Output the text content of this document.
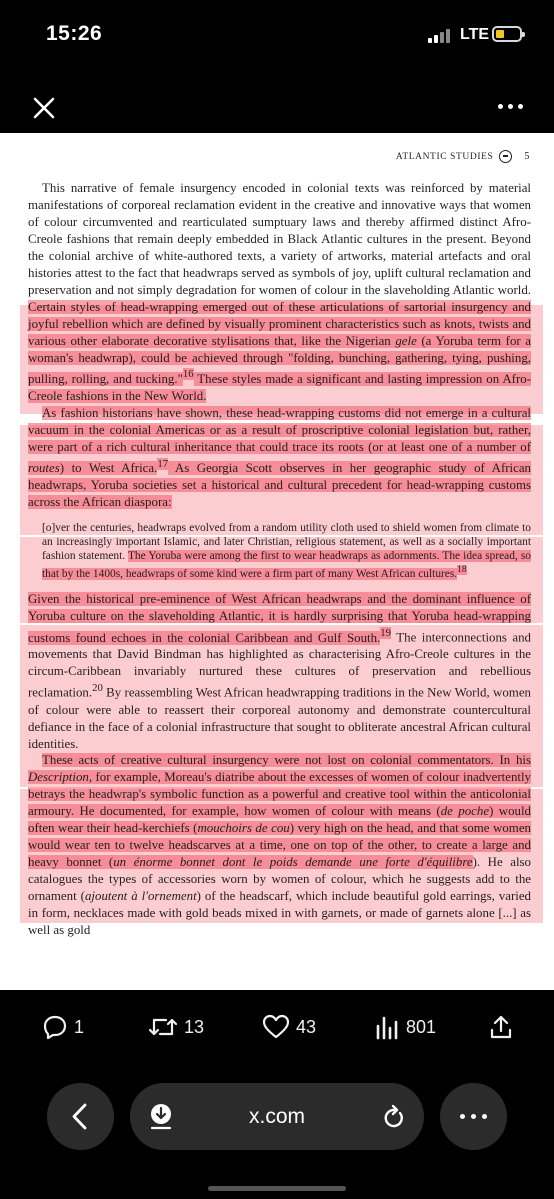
15:26	LTE
ATLANTIC STUDIES	5

This narrative of female insurgency encoded in colonial texts was reinforced by material manifestations of corporeal reclamation evident in the creative and innovative ways that women of colour circumvented and rearticulated sumptuary laws and thereby affirmed distinct Afro-Creole fashions that remain deeply embedded in Black Atlantic cultures in the present. Beyond the colonial archive of white-authored texts, a variety of artworks, material artefacts and oral histories attest to the fact that headwraps served as symbols of joy, uplift cultural reclamation and preservation and not simply degradation for women of colour in the slaveholding Atlantic world. Certain styles of head-wrapping emerged out of these articulations of sartorial insurgency and joyful rebellion which are defined by visually prominent characteristics such as knots, twists and various other elaborate decorative stylisations that, like the Nigerian gele (a Yoruba term for a woman's headwrap), could be achieved through "folding, bunching, gathering, tying, pushing, pulling, rolling, and tucking."$^{16}$ These styles made a significant and lasting impression on Afro-Creole fashions in the New World.

As fashion historians have shown, these head-wrapping customs did not emerge in a cultural vacuum in the colonial Americas or as a result of proscriptive colonial legislation but, rather, were part of a rich cultural inheritance that could trace its roots (or at least one of a number of routes) to West Africa.$^{17}$ As Georgia Scott observes in her geographic study of African headwraps, Yoruba societies set a historical and cultural precedent for head-wrapping customs across the African diaspora:

[o]ver the centuries, headwraps evolved from a random utility cloth used to shield women from climate to an increasingly important Islamic, and later Christian, religious statement, as well as a socially important fashion statement. The Yoruba were among the first to wear headwraps as adornments. The idea spread, so that by the 1400s, headwraps of some kind were a firm part of many West African cultures.$^{18}$

Given the historical pre-eminence of West African headwraps and the dominant influence of Yoruba culture on the slaveholding Atlantic, it is hardly surprising that Yoruba head-wrapping customs found echoes in the colonial Caribbean and Gulf South.$^{19}$ The interconnections and movements that David Bindman has highlighted as characterising Afro-Creole cultures in the circum-Caribbean invariably nurtured these cultures of preservation and rebellious reclamation.$^{20}$ By reassembling West African headwrapping traditions in the New World, women of colour were able to reassert their corporeal autonomy and demonstrate countercultural defiance in the face of a colonial infrastructure that sought to obliterate ancestral African cultural identities.

These acts of creative cultural insurgency were not lost on colonial commentators. In his Description, for example, Moreau's diatribe about the excesses of women of colour inadvertently betrays the headwrap's symbolic function as a powerful and creative tool within the anticolonial armoury. He documented, for example, how women of colour with means (de poche) would often wear their head-kerchiefs (mouchoirs de cou) very high on the head, and that some women would wear ten to twelve headscarves at a time, one on top of the other, to create a large and heavy bonnet (un énorme bonnet dont le poids demande une forte d'équilibre). He also catalogues the types of accessories worn by women of colour, which he suggests add to the ornament (ajoutent à l'ornement) of the headscarf, which include beautiful gold earrings, varied in form, necklaces made with gold beads mixed in with garnets, or made of garnets alone [...] as well as gold

1	13	43	801
x.com
